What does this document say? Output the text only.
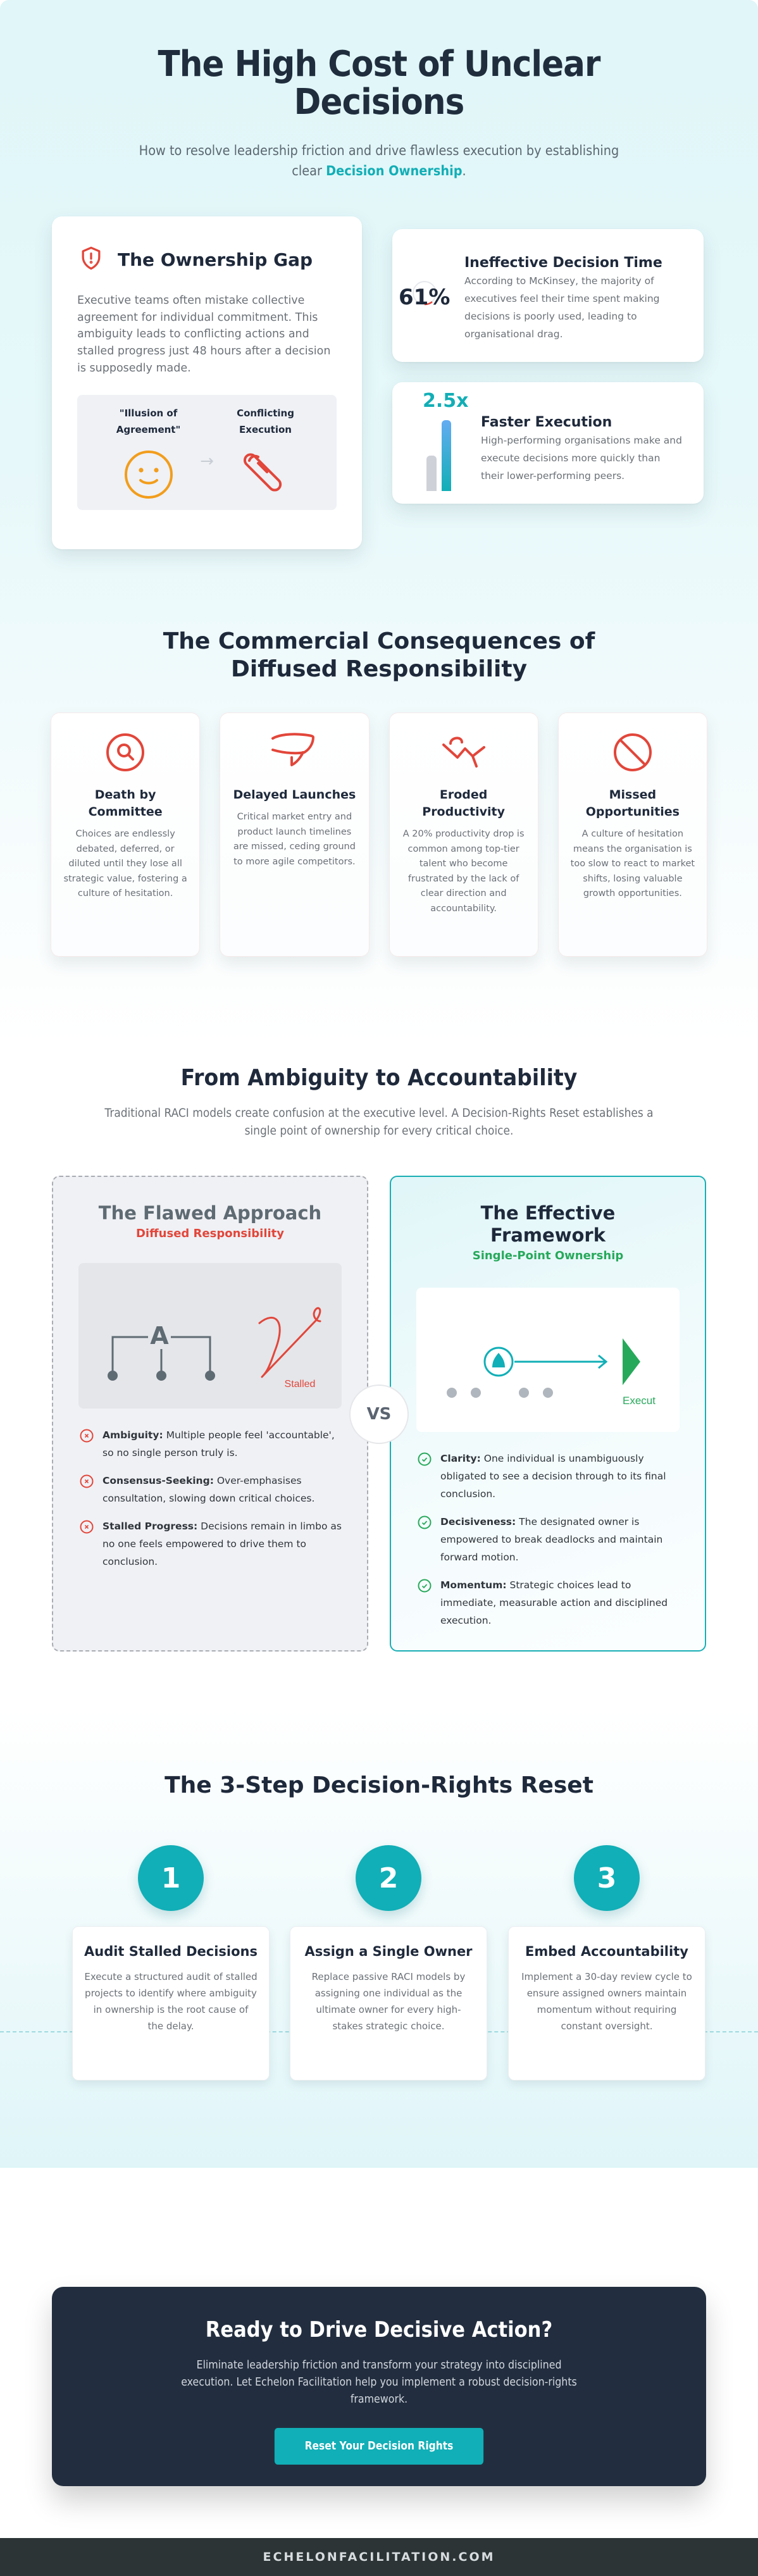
The High Cost of Unclear Decisions

How to resolve leadership friction and drive flawless execution by establishing clear Decision Ownership.

The Ownership Gap

Executive teams often mistake collective agreement for individual commitment. This ambiguity leads to conflicting actions and stalled progress just 48 hours after a decision is supposedly made.

"Illusion of Agreement"
→
Conflicting Execution
61%
Ineffective Decision Time

According to McKinsey, the majority of executives feel their time spent making decisions is poorly used, leading to organisational drag.

2.5x
Faster Execution

High-performing organisations make and execute decisions more quickly than their lower-performing peers.

The Commercial Consequences of Diffused Responsibility
Death by Committee

Choices are endlessly debated, deferred, or diluted until they lose all strategic value, fostering a culture of hesitation.

Delayed Launches

Critical market entry and product launch timelines are missed, ceding ground to more agile competitors.

Eroded Productivity

A 20% productivity drop is common among top-tier talent who become frustrated by the lack of clear direction and accountability.

Missed Opportunities

A culture of hesitation means the organisation is too slow to react to market shifts, losing valuable growth opportunities.

From Ambiguity to Accountability

Traditional RACI models create confusion at the executive level. A Decision-Rights Reset establishes a single point of ownership for every critical choice.

The Flawed Approach
Diffused Responsibility
A
Stalled
Ambiguity: Multiple people feel 'accountable', so no single person truly is.
Consensus-Seeking: Over-emphasises consultation, slowing down critical choices.
Stalled Progress: Decisions remain in limbo as no one feels empowered to drive them to conclusion.
The Effective Framework
Single-Point Ownership
Execut
Clarity: One individual is unambiguously obligated to see a decision through to its final conclusion.
Decisiveness: The designated owner is empowered to break deadlocks and maintain forward motion.
Momentum: Strategic choices lead to immediate, measurable action and disciplined execution.
VS
The 3-Step Decision-Rights Reset
1
Audit Stalled Decisions

Execute a structured audit of stalled projects to identify where ambiguity in ownership is the root cause of the delay.

2
Assign a Single Owner

Replace passive RACI models by assigning one individual as the ultimate owner for every high-stakes strategic choice.

3
Embed Accountability

Implement a 30-day review cycle to ensure assigned owners maintain momentum without requiring constant oversight.

Ready to Drive Decisive Action?

Eliminate leadership friction and transform your strategy into disciplined execution. Let Echelon Facilitation help you implement a robust decision-rights framework.

Reset Your Decision Rights
ECHELONFACILITATION.COM
